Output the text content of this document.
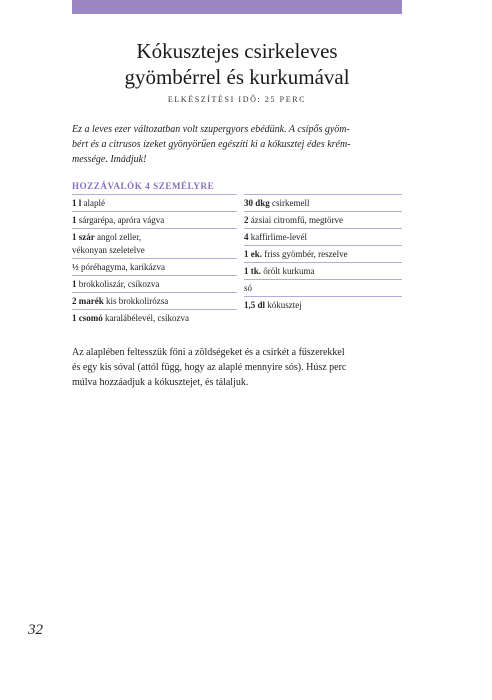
Kókusztejes csirkeleves
gyömbérrel és kurkumával
ELKÉSZÍTÉSI IDŐ: 25 PERC
Ez a leves ezer változatban volt szupergyors ebédünk. A csípős gyöm-
bért és a citrusos ízeket gyönyörűen egészíti ki a kókusztej édes krém-
messége. Imádjuk!
HOZZÁVALÓK 4 SZEMÉLYRE
1 l alaplé
1 sárgarépa, apróra vágva
1 szár angol zeller,
vékonyan szeletelve
½ póréhagyma, karikázva
1 brokkoliszár, csíkozva
2 marék kis brokkolirózsa
1 csomó karalábélevél, csíkozva
30 dkg csirkemell
2 ázsiai citromfű, megtörve
4 kaffirlime-levél
1 ek. friss gyömbér, reszelve
1 tk. őrölt kurkuma
só
1,5 dl kókusztej
Az alaplében feltesszük főni a zöldségeket és a csirkét a fűszerekkel
és egy kis sóval (attól függ, hogy az alaplé mennyire sós). Húsz perc
múlva hozzáadjuk a kókusztejet, és tálaljuk.
32
